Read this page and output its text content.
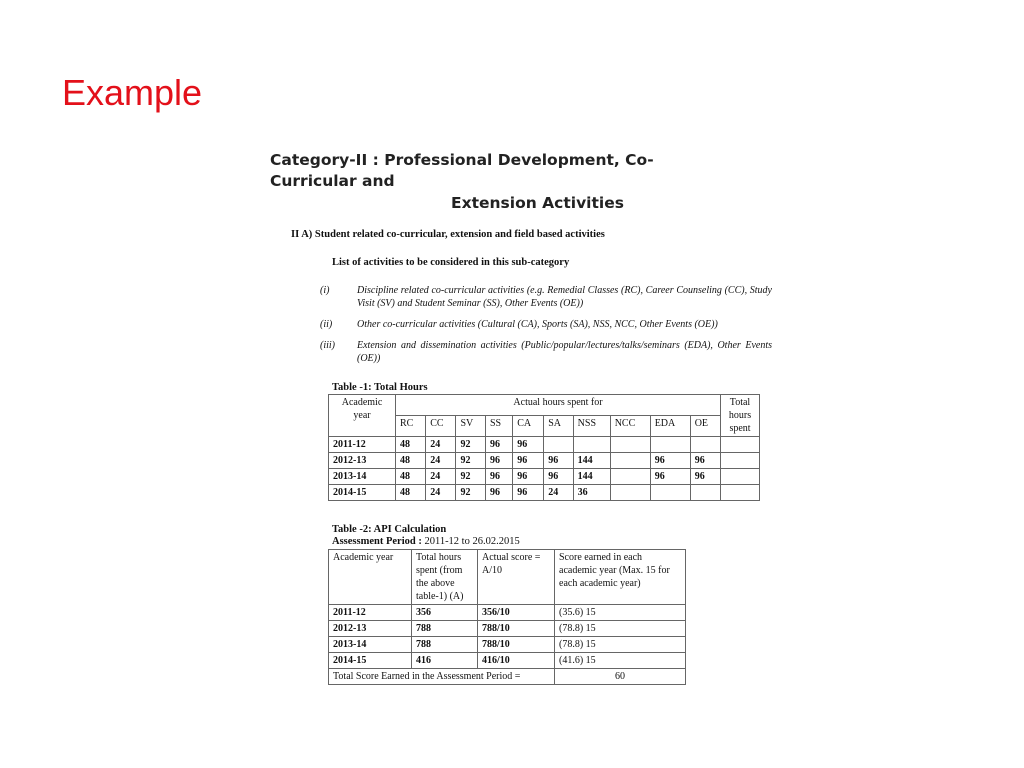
Example
Category-II : Professional Development, Co-
Curricular and
Extension Activities
II A) Student related co-curricular, extension and field based activities
List of activities to be considered in this sub-category
(i)	Discipline related co-curricular activities (e.g. Remedial Classes (RC), Career Counseling (CC), Study Visit (SV) and Student Seminar (SS), Other Events (OE))
(ii)	Other co-curricular activities (Cultural (CA), Sports (SA), NSS, NCC, Other Events (OE))
(iii)	Extension and dissemination activities (Public/popular/lectures/talks/seminars (EDA), Other Events (OE))
Table -1: Total Hours
Academic year	Actual hours spent for										Total hours spent
	RC	CC	SV	SS	CA	SA	NSS	NCC	EDA	OE	
2011-12	48	24	92	96	96						
2012-13	48	24	92	96	96	96	144		96	96	
2013-14	48	24	92	96	96	96	144		96	96	
2014-15	48	24	92	96	96	24	36				
Table -2: API Calculation
Assessment Period : 2011-12 to 26.02.2015
Academic year	Total hours spent (from the above table-1) (A)	Actual score = A/10	Score earned in each academic year (Max. 15 for each academic year)
2011-12	356	356/10	(35.6) 15
2012-13	788	788/10	(78.8) 15
2013-14	788	788/10	(78.8) 15
2014-15	416	416/10	(41.6) 15
Total Score Earned in the Assessment Period =			60
